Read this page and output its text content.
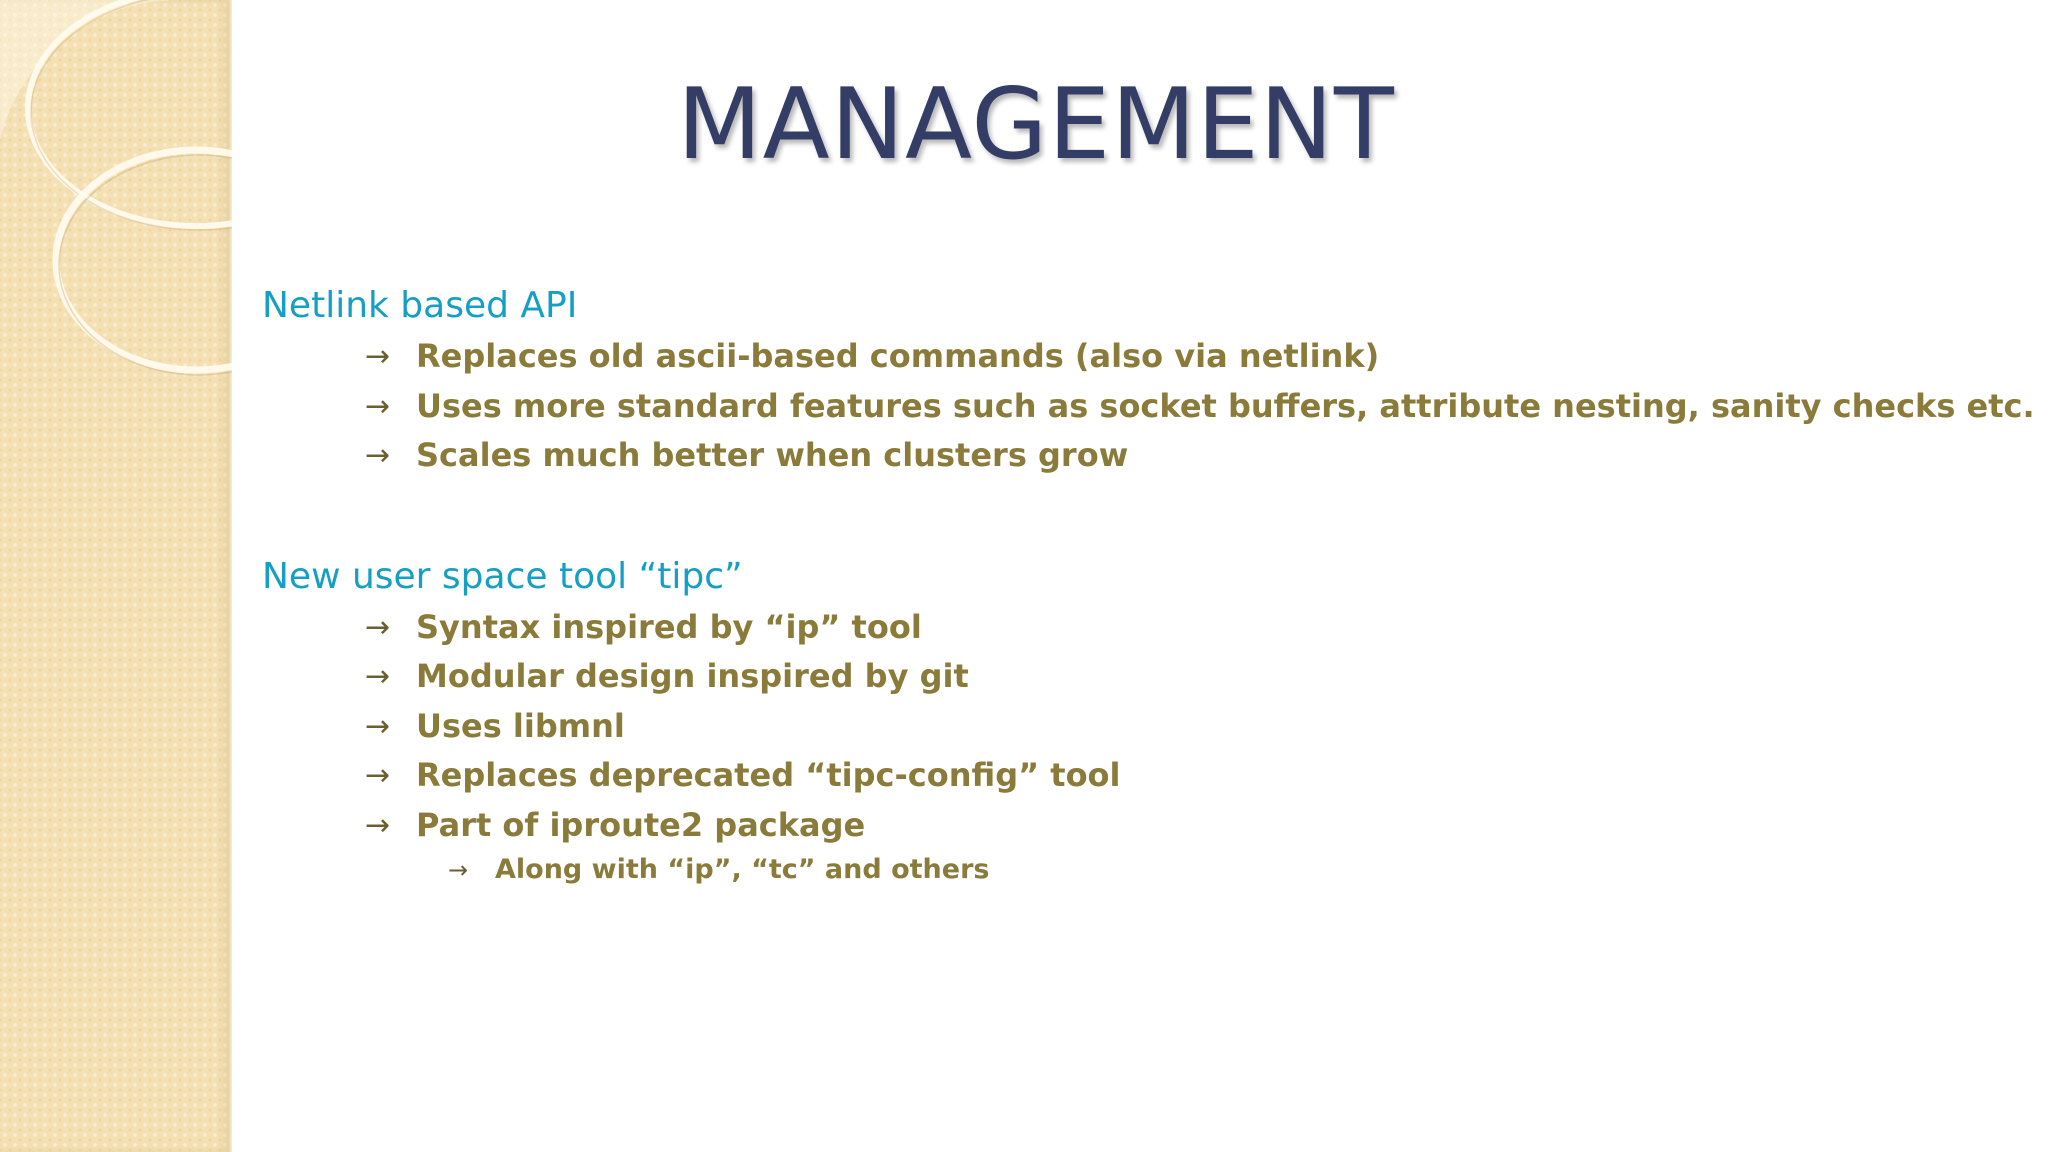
MANAGEMENT
Netlink based API
→ Replaces old ascii-based commands (also via netlink)
→ Uses more standard features such as socket buffers, attribute nesting, sanity checks etc.
→ Scales much better when clusters grow
New user space tool “tipc”
→ Syntax inspired by “ip” tool
→ Modular design inspired by git
→ Uses libmnl
→ Replaces deprecated “tipc-config” tool
→ Part of iproute2 package
→ Along with “ip”, “tc” and others
